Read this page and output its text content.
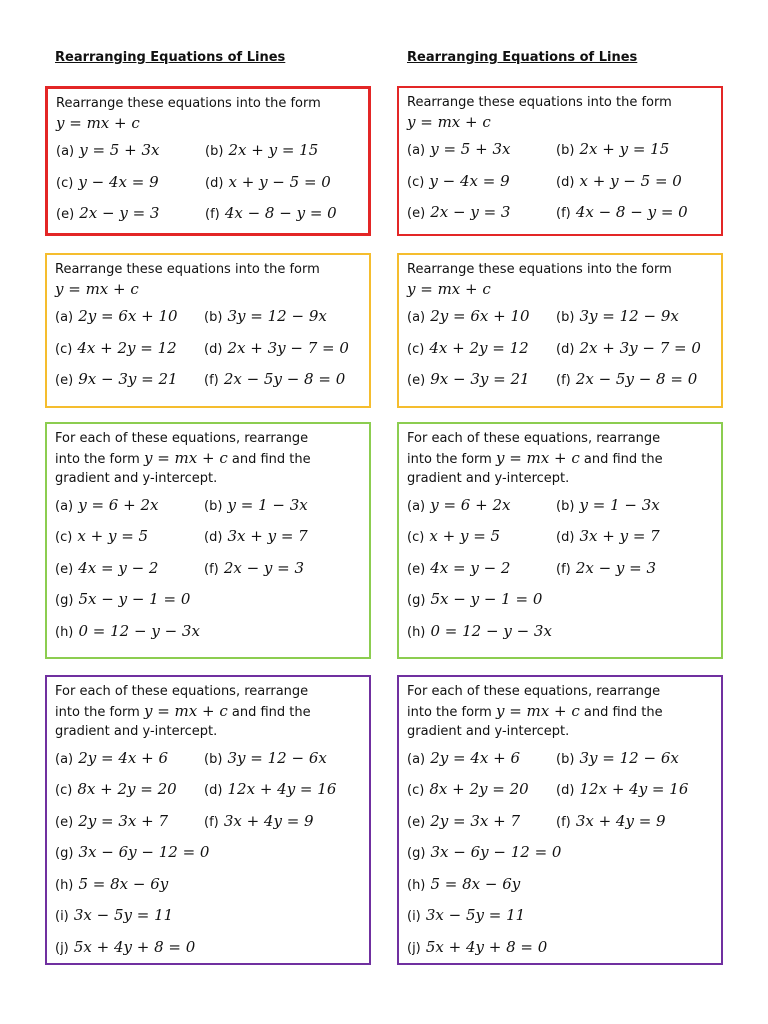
Rearranging Equations of Lines
Rearrange these equations into the form
y = mx + c
(a) y = 5 + 3x	(b) 2x + y = 15
(c) y − 4x = 9	(d) x + y − 5 = 0
(e) 2x − y = 3	(f) 4x − 8 − y = 0
Rearrange these equations into the form
y = mx + c
(a) 2y = 6x + 10	(b) 3y = 12 − 9x
(c) 4x + 2y = 12	(d) 2x + 3y − 7 = 0
(e) 9x − 3y = 21	(f) 2x − 5y − 8 = 0
For each of these equations, rearrange
into the form y = mx + c and find the
gradient and y-intercept.
(a) y = 6 + 2x	(b) y = 1 − 3x
(c) x + y = 5	(d) 3x + y = 7
(e) 4x = y − 2	(f) 2x − y = 3
(g) 5x − y − 1 = 0
(h) 0 = 12 − y − 3x
For each of these equations, rearrange
into the form y = mx + c and find the
gradient and y-intercept.
(a) 2y = 4x + 6	(b) 3y = 12 − 6x
(c) 8x + 2y = 20	(d) 12x + 4y = 16
(e) 2y = 3x + 7	(f) 3x + 4y = 9
(g) 3x − 6y − 12 = 0
(h) 5 = 8x − 6y
(i) 3x − 5y = 11
(j) 5x + 4y + 8 = 0
Rearranging Equations of Lines
Rearrange these equations into the form
y = mx + c
(a) y = 5 + 3x	(b) 2x + y = 15
(c) y − 4x = 9	(d) x + y − 5 = 0
(e) 2x − y = 3	(f) 4x − 8 − y = 0
Rearrange these equations into the form
y = mx + c
(a) 2y = 6x + 10	(b) 3y = 12 − 9x
(c) 4x + 2y = 12	(d) 2x + 3y − 7 = 0
(e) 9x − 3y = 21	(f) 2x − 5y − 8 = 0
For each of these equations, rearrange
into the form y = mx + c and find the
gradient and y-intercept.
(a) y = 6 + 2x	(b) y = 1 − 3x
(c) x + y = 5	(d) 3x + y = 7
(e) 4x = y − 2	(f) 2x − y = 3
(g) 5x − y − 1 = 0
(h) 0 = 12 − y − 3x
For each of these equations, rearrange
into the form y = mx + c and find the
gradient and y-intercept.
(a) 2y = 4x + 6	(b) 3y = 12 − 6x
(c) 8x + 2y = 20	(d) 12x + 4y = 16
(e) 2y = 3x + 7	(f) 3x + 4y = 9
(g) 3x − 6y − 12 = 0
(h) 5 = 8x − 6y
(i) 3x − 5y = 11
(j) 5x + 4y + 8 = 0
